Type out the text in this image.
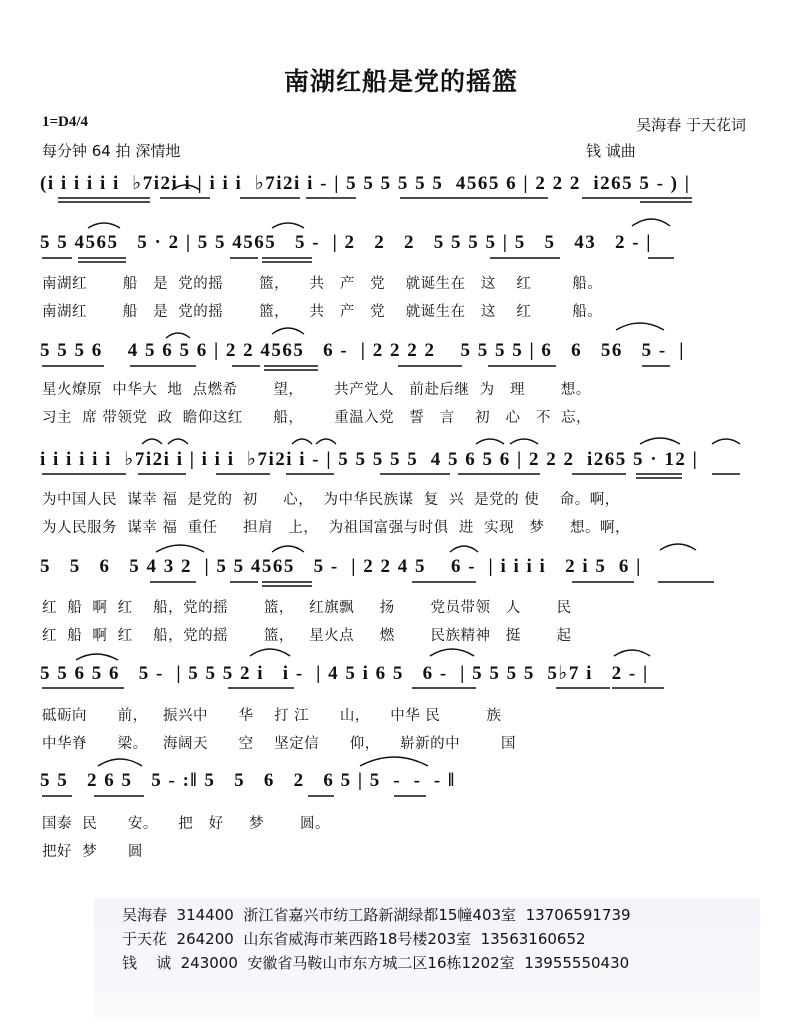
南湖红船是党的摇篮
1=D4/4
每分钟 64 拍 深情地
吴海春 于天花词
钱 诚曲
(i i i i i i  ♭7i2i i | i i i  ♭7i2i i - | 5 5 5 5 5 5  4565 6 | 2 2 2  i265 5 - ) |
5 5 4565   5 · 2 | 5 5 4565   5 -  | 2   2   2   5 5 5 5 | 5   5   43   2 - |
南湖红       船   是  党的摇       篮，    共   产   党    就诞生在   这    红        船。
南湖红       船   是  党的摇       篮，    共   产   党    就诞生在   这    红        船。
5 5 5 6    4 5 6 5 6 | 2 2 4565   6 -  | 2 2 2 2    5 5 5 5 | 6   6   56   5 -  |
星火燎原  中华大  地  点燃希       望，      共产党人   前赴后继  为   理       想。
习主  席 带领党  政  瞻仰这红      船，      重温入党   誓   言    初   心   不  忘，
i i i i i i  ♭7i2i i | i i i  ♭7i2i i - | 5 5 5 5 5  4 5 6 5 6 | 2 2 2  i265 5 · 12 |
为中国人民  谋幸 福  是党的  初     心，  为中华民族谋  复  兴  是党的 使    命。啊，
为人民服务  谋幸 福  重任     担肩   上，  为祖国富强与时俱  进  实现   梦     想。啊，
5   5   6   5 4 3 2  | 5 5 4565   5 -  | 2 2 4 5    6 -  | i i i i   2 i 5  6 |
红  船  啊  红    船，党的摇       篮，   红旗飘     扬       党员带领   人       民
红  船  啊  红    船，党的摇       篮，   星火点     燃       民族精神   挺       起
5 5 6 5 6   5 -  | 5 5 5 2 i   i -  | 4 5 i 6 5   6 -  | 5 5 5 5  5♭7 i   2 - |
砥砺向      前，   振兴中      华    打 江      山，    中华 民         族
中华脊      梁。   海阔天      空    坚定信      仰，    崭新的中        国
5 5   2 6 5   5 - :‖ 5   5   6   2   6 5 | 5  -  -  - ‖
国泰  民      安。    把   好     梦       圆。
把好  梦      圆
吴海春  314400  浙江省嘉兴市纺工路新湖绿都15幢403室  13706591739
于天花  264200  山东省威海市莱西路18号楼203室  13563160652
钱    诚  243000  安徽省马鞍山市东方城二区16栋1202室  13955550430
